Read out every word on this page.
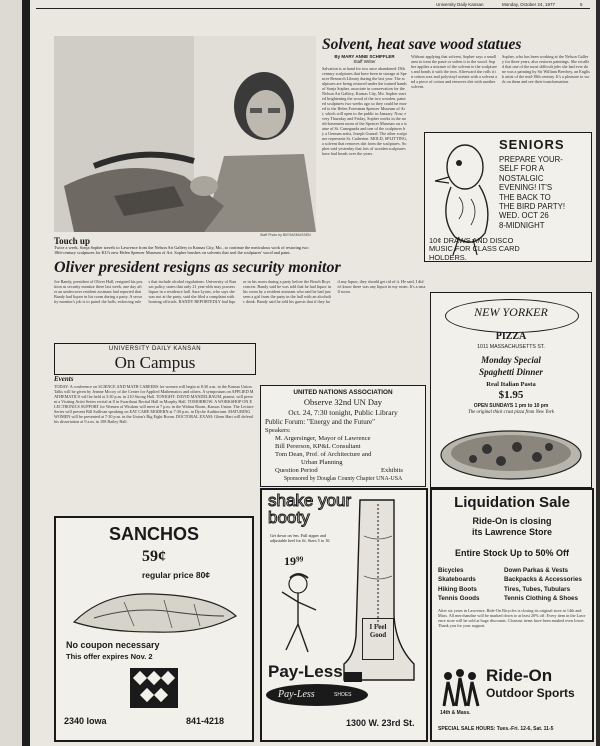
University Daily Kansan	Monday, October 24, 1977	5
Staff Photo by Bill RASMUSSEN
Touch up
Twice a week, Sonja Sopher travels to Lawrence from the Nelson Art Gallery in Kansas City, Mo., to continue the meticulous work of restoring two 18th-century sculptures for KU's new Helen Spencer Museum of Art. Sopher brushes on solvents that seal the sculptures' wood and paint.
Solvent, heat save wood statues
By MARY ANNE SCHIFFLER
Staff Writer
Salvation is at hand for two once abandoned 18th century sculptures that have been in storage at Spencer Research Library during the last year. The sculptures are being restored under the trained hands of Sonja Sopher, associate in conservation for the Nelson Art Gallery, Kansas City, Mo. Sopher started brightening the wood of the two wooden, painted sculptures two weeks ago so they could be moved to the Helen Foresman Spencer Museum of Art, which will open to the public in January. Now, every Thursday and Friday, Sopher works in the north-basement room of the Spencer Museum on a statue of St. Cunegunda and one of the sculptures by a German artist, Joseph Gunzel. The other sculpture represents St. Catherine. MOLD, SPLITTING, a solvent that removes dirt from the sculptures. Sopher said yesterday that lots of wooden sculptures have had heads over the years.
Without applying that solvent, Sopher says a small area to treat the paste or soften it to the wood. Sopher applies a mixture of the solvent to the sculptures and bonds it with the iron. Afterward she rolls it in cotton wax and polyvinyl acetate with a solvent and a piece of cotton and removes dirt with another solvent.
Sopher, who has been working at the Nelson Gallery for three years, also restores paintings. She recalled that one of the most difficult jobs she had ever done was a painting by Sir William Beechey, an English artist of the mid-18th century. It's a pleasure to work on them and see their transformation.
SENIORS
PREPARE YOUR-
SELF FOR A
NOSTALGIC
EVENING! IT'S
THE BACK TO
THE BIRD PARTY!
WED. OCT 26
8-MIDNIGHT
10¢ DRAWS AND DISCO
MUSIC FOR CLASS CARD
HOLDERS.
Oliver president resigns as security monitor
Joe Bandy, president of Oliver Hall, resigned his position as security monitor there last week, one day after an undercover resident assistant had reported that Bandy had liquor in his room during a party. A security monitor's job is to patrol the halls, enforcing rules that include alcohol regulations. University of Kansas policy states that only 21 year-olds may possess liquor in a residence hall. Sara Lyons, who says she was not at the party, said she filed a complaint with housing officials. BANDY REPORTEDLY had liquor in his room during a party before the Beach Boys concert. Bandy said he was told that he had liquor in his room by a resident assistant who said he had just seen a girl from the party in the hall with an alcoholic drink. Bandy said he told his guests that if they had any liquor, they should get rid of it. He said, I didn't know there was any liquor in my room. It's a small room.
UNIVERSITY DAILY KANSAN
On Campus
Events
TODAY: A conference on SCIENCE AND MATH CAREERS for women will begin at 8:30 a.m. in the Kansas Union. Talks will be given by Jeanne Mccoy of the Center for Applied Mathematics and others. A symposium on APPLIED MATHEMATICS will be held at 3:30 p.m. in 210 Strong Hall. TONIGHT: DAVID MANDELBAUM, pianist, will present a Visiting Artist Series recital at 8 in Swarthout Recital Hall in Murphy Hall. TOMORROW: A WORKSHOP ON ELECTRONICS SUPPORT for Women of Wisdom will meet at 7 p.m. in the Walnut Room, Kansas Union. The Lecture Series will present Bill Sullivan speaking on EAT CARE MODERN at 7:30 p.m. in Dyche Auditorium. MATURING WOMEN will be presented at 7:30 p.m. in the Union's Big Eight Room. DOCTORAL EXAM: Glenn Hart will defend his dissertation at 9 a.m. in 108 Bailey Hall.
UNITED NATIONS ASSOCIATION
Observe 32nd UN Day
Oct. 24, 7:30 tonight, Public Library
Public Forum: "Energy and the Future"
Speakers:
M. Argersinger, Mayor of Lawrence
Bill Pererson, KP&L Consultant
Tom Dean, Prof. of Architecture and
Urban Planning
Question Period	Exhibits
Sponsored by Douglas County Chapter UNA-USA
NEW YORKER
PIZZA
1011 MASSACHUSETTS ST.
Monday Special
Spaghetti Dinner
Real Italian Pasta
$1.95
OPEN SUNDAYS 1 pm to 10 pm
The original thick crust pizza from New York
SANCHOS
59¢
regular price 80¢
No coupon necessary
This offer expires Nov. 2
2340 Iowa	841-4218
shake your booty
Get down on 'em. Full zipper and adjustable heel for fit. Sizes 5 to 10.
19⁹⁹
I Feel
Good
Pay-Less
Pay-Less	SHOES
1300 W. 23rd St.
Liquidation Sale
Ride-On is closing
its Lawrence Store
Entire Stock Up to 50% Off
Bicycles
Skateboards
Hiking Boots
Tennis Goods
Down Parkas & Vests
Backpacks & Accessories
Tires, Tubes, Tubulars
Tennis Clothing & Shoes
After six years in Lawrence, Ride-On Bicycles is closing its original store at 14th and Mass. All merchandise will be marked down to at least 20% off. Every item in the Lawrence store will be sold at huge discounts. Closeout items have been marked even lower. Thank you for your support.
Ride-On
Outdoor Sports
14th & Mass.
SPECIAL SALE HOURS: Tues.-Fri. 12-6, Sat. 11-5
